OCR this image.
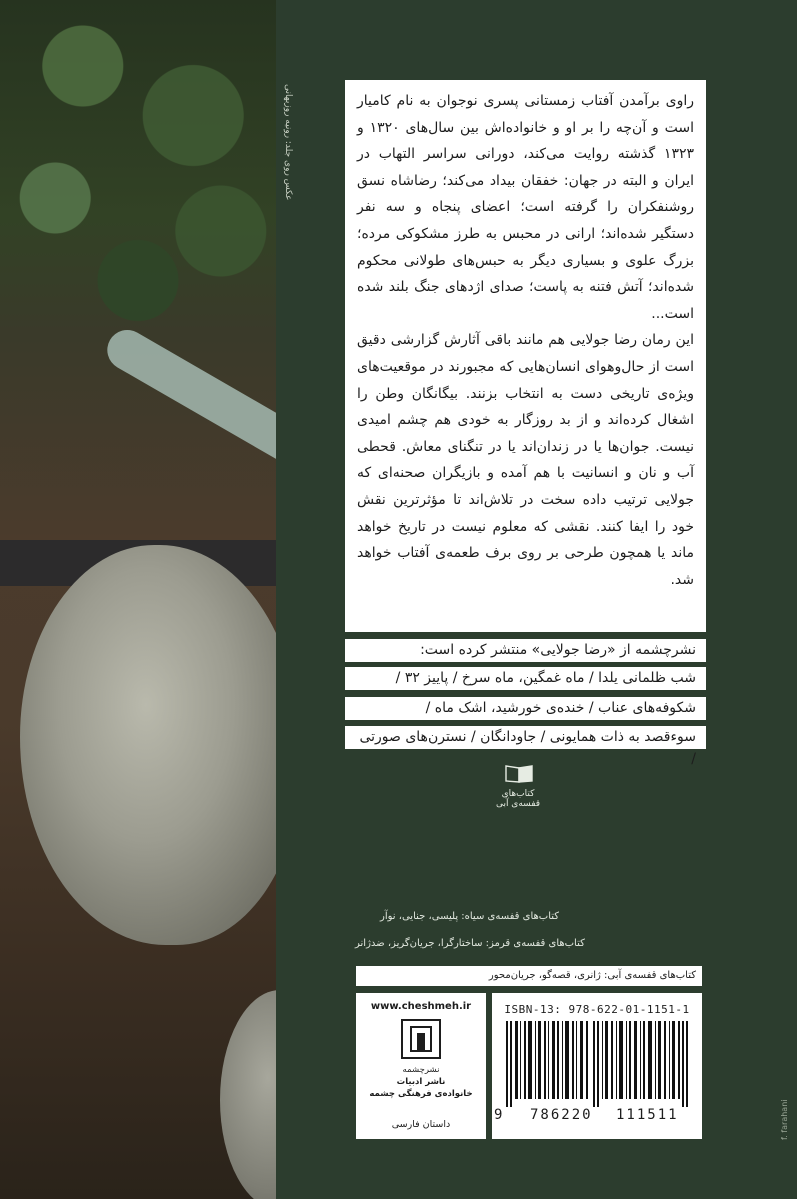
عکس روی جلد: رونیه روزبهانی	راوی برآمدن آفتاب زمستانی پسری نوجوان به نام کامیار است و آن‌چه را بر او و خانواده‌اش بین سال‌های ۱۳۲۰ و ۱۳۲۳ گذشته روایت می‌کند، دورانی سراسر التهاب در ایران و البته در جهان: خفقان بیداد می‌کند؛ رضاشاه نسق روشنفکران را گرفته است؛ اعضای پنجاه و سه نفر دستگیر شده‌اند؛ ارانی در محبس به طرز مشکوکی مرده؛ بزرگ علوی و بسیاری دیگر به حبس‌های طولانی محکوم شده‌اند؛ آتش فتنه به پاست؛ صدای اژدهای جنگ بلند شده است...

این رمان رضا جولایی هم مانند باقی آثارش گزارشی دقیق است از حال‌وهوای انسان‌هایی که مجبورند در موقعیت‌های ویژه‌ی تاریخی دست به انتخاب بزنند. بیگانگان وطن را اشغال کرده‌اند و از بد روزگار به خودی هم چشم امیدی نیست. جوان‌ها یا در زندان‌اند یا در تنگنای معاش. قحطی آب و نان و انسانیت با هم آمده و بازیگران صحنه‌ای که جولایی ترتیب داده سخت در تلاش‌اند تا مؤثرترین نقش خود را ایفا کنند. نقشی که معلوم نیست در تاریخ خواهد ماند یا همچون طرحی بر روی برف طعمه‌ی آفتاب خواهد شد.

نشرچشمه از «رضا جولایی» منتشر کرده است:
شب ظلمانی یلدا / ماه غمگین، ماه سرخ / پاییز ۳۲ /
شکوفه‌های عناب / خنده‌ی خورشید، اشک ماه /
سوءقصد به ذات همایونی / جاودانگان / نسترن‌های صورتی /
کتاب‌های قفسه‌ی آبی
کتاب‌های قفسه‌ی سیاه: پلیسی، جنایی، نوآر
کتاب‌های قفسه‌ی قرمز: ساختارگرا، جریان‌گریز، ضدژانر
کتاب‌های قفسه‌ی آبی: ژانری، قصه‌گو، جریان‌محور
ISBN-13: 978-622-01-1151-1
9 786220 111511
www.cheshmeh.ir
نشرچشمه
ناشر ادبیات
خانواده‌ی فرهنگی چشمه
داستان فارسی	f. farahani
